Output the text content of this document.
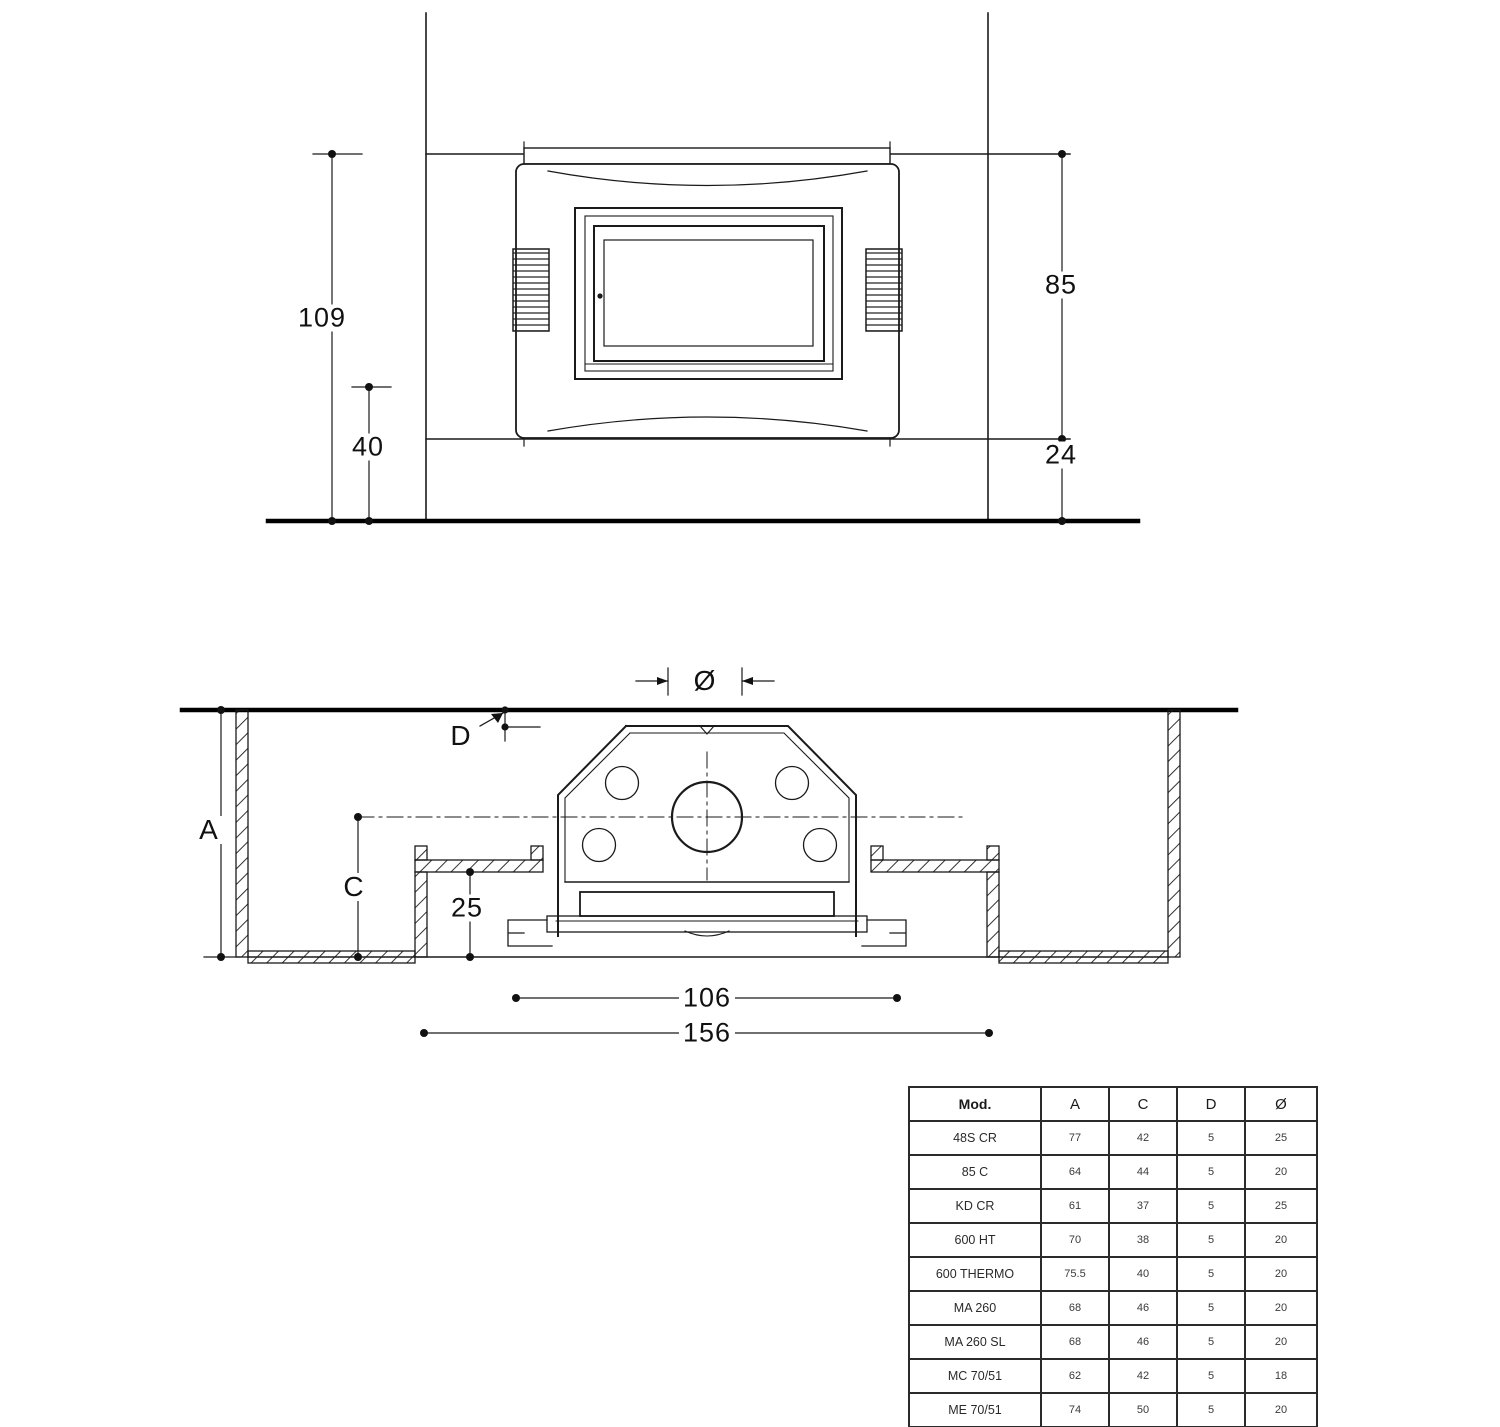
109
40
85
24
Ø
D
A
C
25
106
156
Mod.	A	C	D	Ø
48S CR	77	42	5	25
85 C	64	44	5	20
KD CR	61	37	5	25
600 HT	70	38	5	20
600 THERMO	75.5	40	5	20
MA 260	68	46	5	20
MA 260 SL	68	46	5	20
MC 70/51	62	42	5	18
ME 70/51	74	50	5	20
